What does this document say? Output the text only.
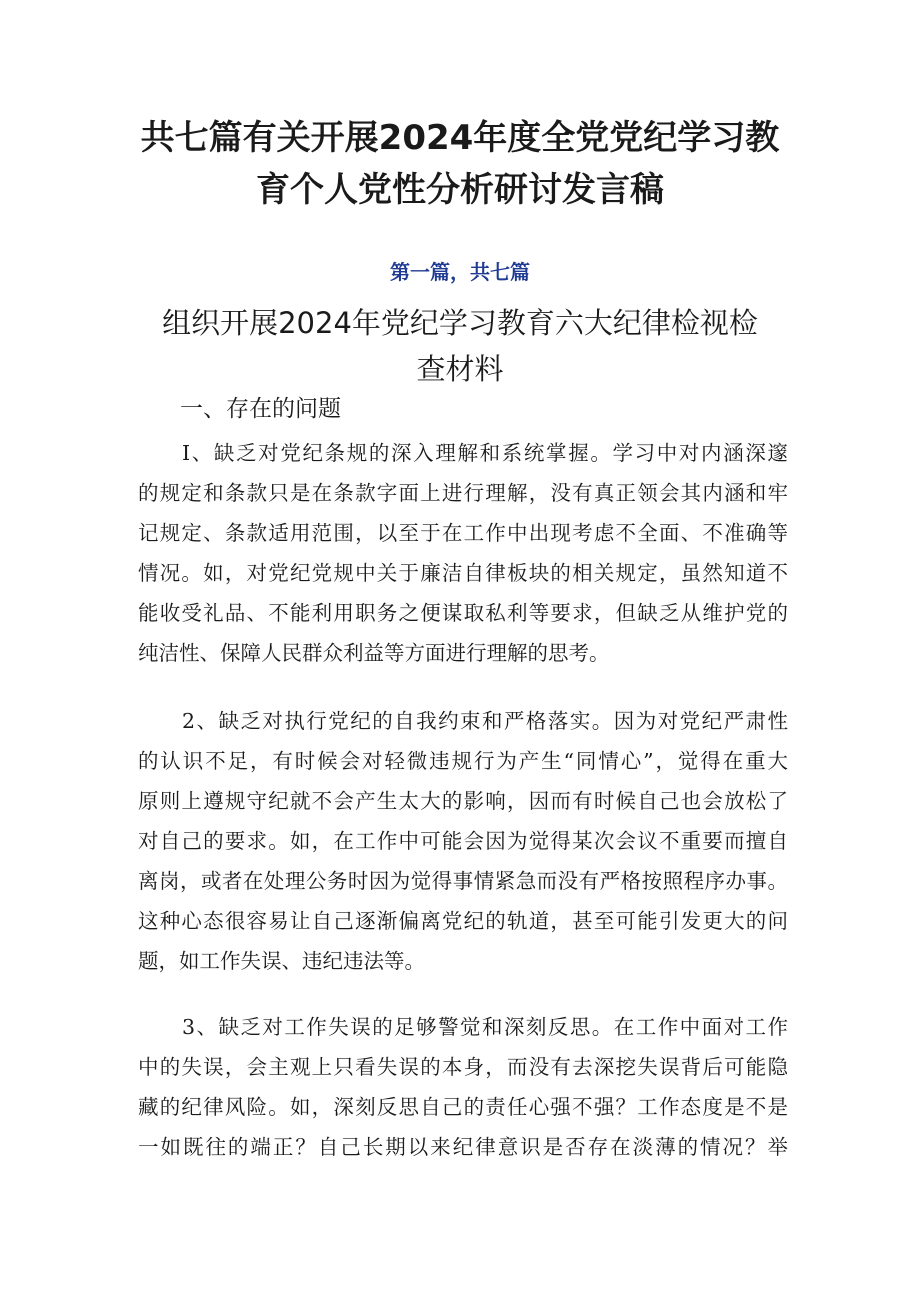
共七篇有关开展2024年度全党党纪学习教
育个人党性分析研讨发言稿
第一篇，共七篇
组织开展2024年党纪学习教育六大纪律检视检
查材料
一、存在的问题
Ⅰ、缺乏对党纪条规的深入理解和系统掌握。学习中对内涵深邃
的规定和条款只是在条款字面上进行理解，没有真正领会其内涵和牢
记规定、条款适用范围，以至于在工作中出现考虑不全面、不准确等
情况。如，对党纪党规中关于廉洁自律板块的相关规定，虽然知道不
能收受礼品、不能利用职务之便谋取私利等要求，但缺乏从维护党的
纯洁性、保障人民群众利益等方面进行理解的思考。
2、缺乏对执行党纪的自我约束和严格落实。因为对党纪严肃性
的认识不足，有时候会对轻微违规行为产生“同情心”，觉得在重大
原则上遵规守纪就不会产生太大的影响，因而有时候自己也会放松了
对自己的要求。如，在工作中可能会因为觉得某次会议不重要而擅自
离岗，或者在处理公务时因为觉得事情紧急而没有严格按照程序办事。
这种心态很容易让自己逐渐偏离党纪的轨道，甚至可能引发更大的问
题，如工作失误、违纪违法等。
3、缺乏对工作失误的足够警觉和深刻反思。在工作中面对工作
中的失误，会主观上只看失误的本身，而没有去深挖失误背后可能隐
藏的纪律风险。如，深刻反思自己的责任心强不强？工作态度是不是
一如既往的端正？自己长期以来纪律意识是否存在淡薄的情况？举
